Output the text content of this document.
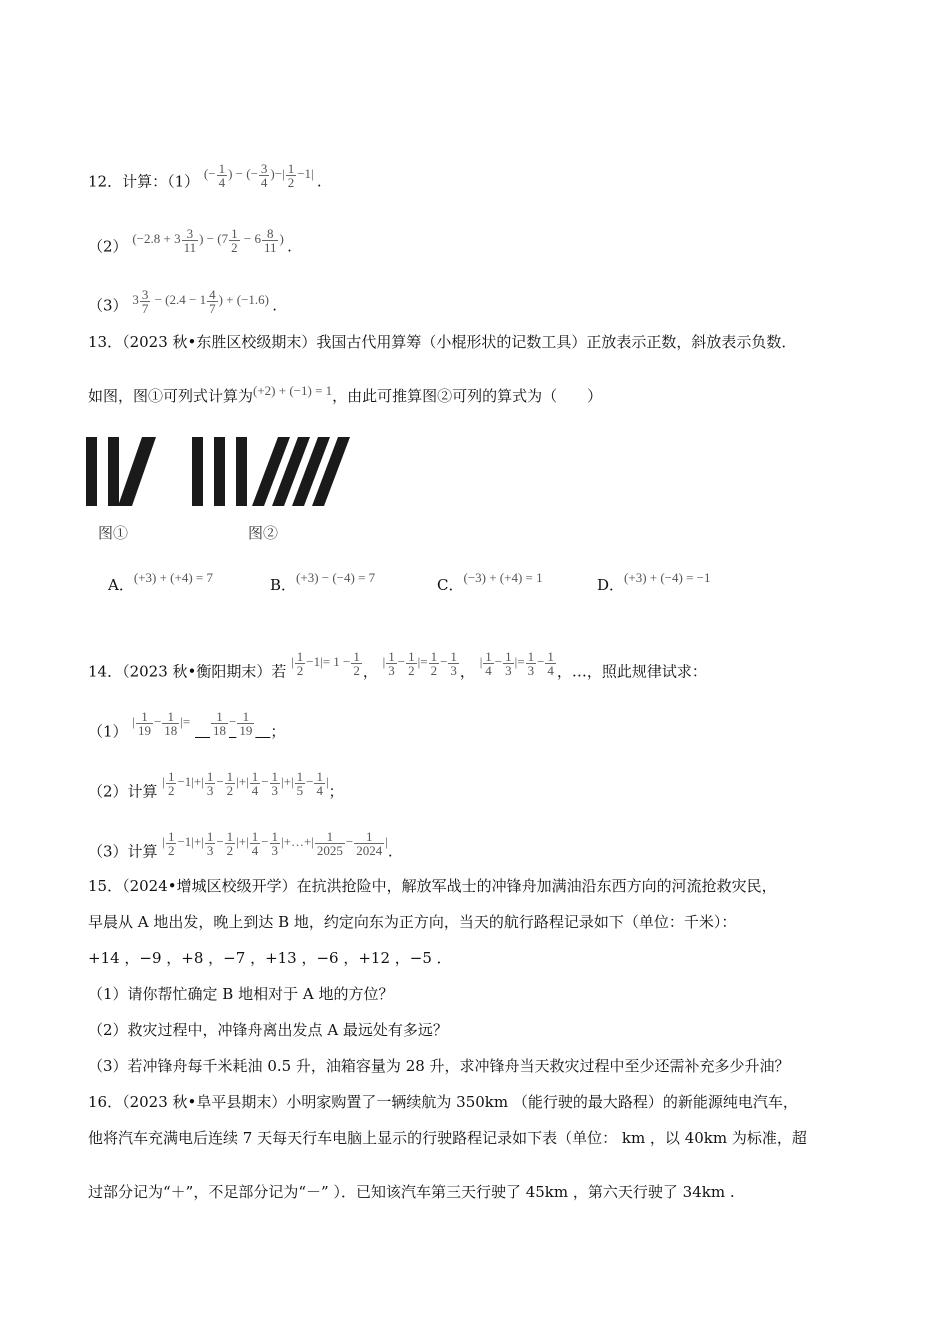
12．计算：（1） (− $\frac{1}{4}$ ) − (− $\frac{3}{4}$ )−| $\frac{1}{2} -1|$ .
（2） ($-2.8 + 3 \frac{3}{11}$ ) − ($7 \frac{1}{2} - 6 \frac{8}{11}$ ) .
（3） $3 \frac{3}{7} - (2.4 - 1 \frac{4}{7}$ ) + (−1.6) .
13．（2023 秋•东胜区校级期末）我国古代用算筹（小棍形状的记数工具）正放表示正数，斜放表示负数．
如图，图①可列式计算为(+2) + (−1) = 1，由此可推算图②可列的算式为（　　）
图①	图②
A．(+3) + (+4) = 7	B．(+3) − (−4) = 7	C．(−3) + (+4) = 1	D．(+3) + (−4) = −1
14．（2023 秋•衡阳期末）若 | $\frac{1}{2} -1|= 1 - \frac{1}{2}$ ， | $\frac{1}{3} - \frac{1}{2}$ |= $\frac{1}{2} - \frac{1}{3}$ ， | $\frac{1}{4} - \frac{1}{3}$ |= $\frac{1}{3} - \frac{1}{4}$ ，…，照此规律试求：
（1） | $\frac{1}{19} - \frac{1}{18}$ |= 　 $\frac{1}{18} - \frac{1}{19}$
　 ；
（2）计算 | $\frac{1}{2} -1|+| \frac{1}{3} - \frac{1}{2}$ |+| $\frac{1}{4} - \frac{1}{3}$ |+| $\frac{1}{5} - \frac{1}{4}$ |；
（3）计算 | $\frac{1}{2} -1|+| \frac{1}{3} - \frac{1}{2}$ |+| $\frac{1}{4} - \frac{1}{3}$ |+…+| $\frac{1}{2025} - \frac{1}{2024}$ |.
15．（2024•增城区校级开学）在抗洪抢险中，解放军战士的冲锋舟加满油沿东西方向的河流抢救灾民，
早晨从 A 地出发，晚上到达 B 地，约定向东为正方向，当天的航行路程记录如下（单位：千米）：
+14 ，−9 ，+8 ，−7 ，+13 ，−6 ，+12 ，−5 ．
（1）请你帮忙确定 B 地相对于 A 地的方位？
（2）救灾过程中，冲锋舟离出发点 A 最远处有多远？
（3）若冲锋舟每千米耗油 0.5 升，油箱容量为 28 升，求冲锋舟当天救灾过程中至少还需补充多少升油？
16．（2023 秋•阜平县期末）小明家购置了一辆续航为 350km （能行驶的最大路程）的新能源纯电汽车，
他将汽车充满电后连续 7 天每天行车电脑上显示的行驶路程记录如下表（单位： km ，以 40km 为标准，超
过部分记为“＋”，不足部分记为“－” ）．已知该汽车第三天行驶了 45km ，第六天行驶了 34km .
